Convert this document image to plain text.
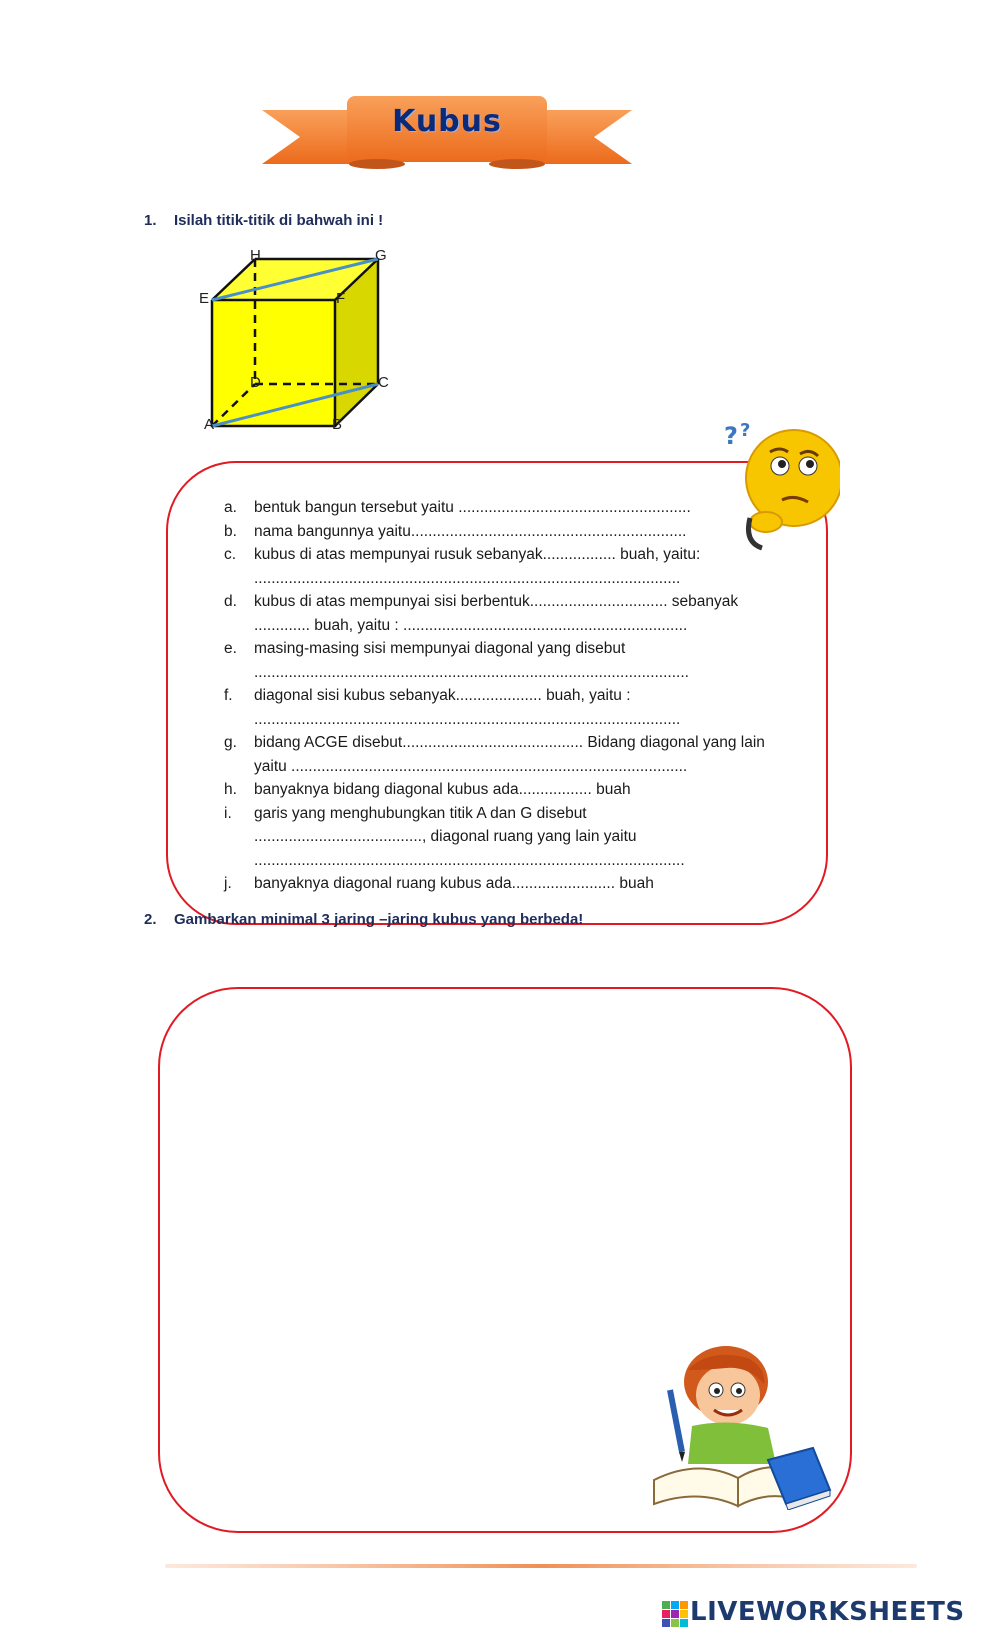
Kubus
1. Isilah titik-titik di bahwah ini !
H	G
E	F
D	C
A	B	? ?
a.	bentuk bangun tersebut yaitu ......................................................
b.	nama bangunnya yaitu................................................................
c.	kubus di atas mempunyai rusuk sebanyak................. buah, yaitu:
...................................................................................................
d.	kubus di atas mempunyai sisi berbentuk................................ sebanyak
............. buah, yaitu : ..................................................................
e.	masing-masing sisi mempunyai diagonal yang disebut
.....................................................................................................
f.	diagonal sisi kubus sebanyak.................... buah, yaitu :
...................................................................................................
g.	bidang ACGE disebut.......................................... Bidang diagonal yang lain
yaitu ............................................................................................
h.	banyaknya bidang diagonal kubus ada................. buah
i.	garis yang menghubungkan titik A dan G disebut
......................................., diagonal ruang yang lain yaitu
....................................................................................................
j.	banyaknya diagonal ruang kubus ada........................ buah
2. Gambarkan minimal 3 jaring –jaring kubus yang berbeda!
LIVEWORKSHEETS
